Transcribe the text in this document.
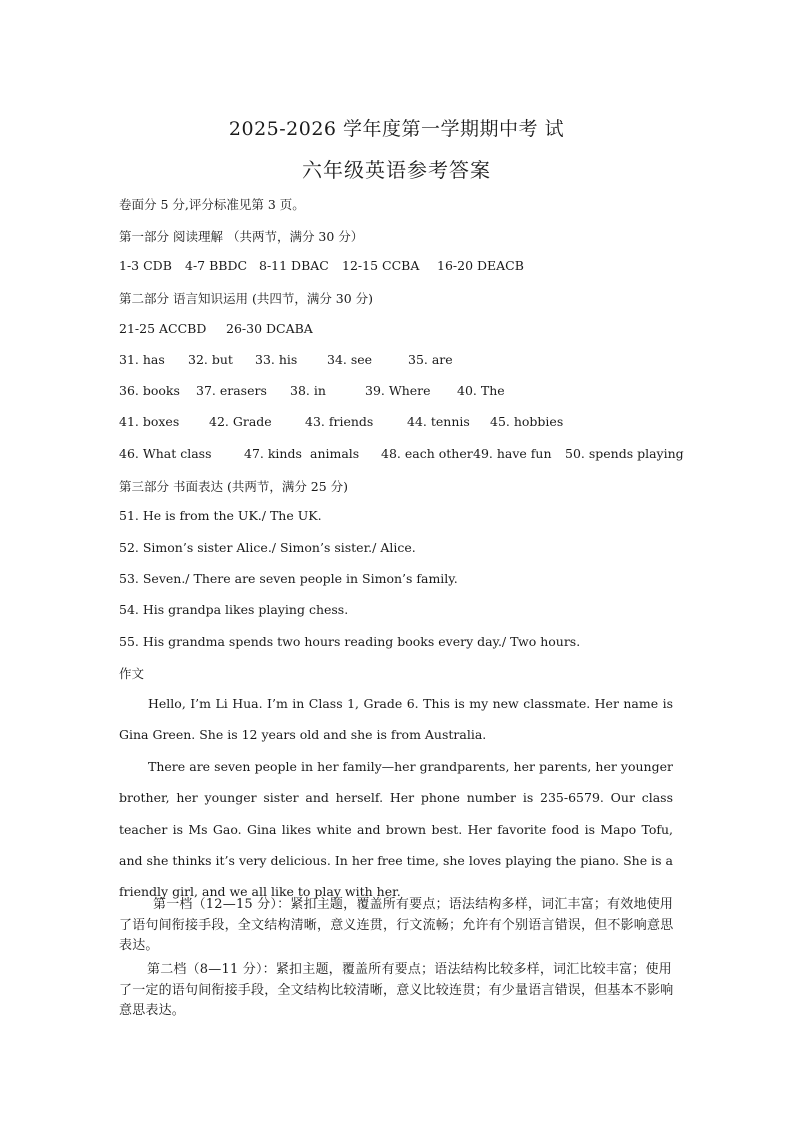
2025-2026 学年度第一学期期中考 试
六年级英语参考答案
卷面分 5 分,评分标准见第 3 页。
第一部分 阅读理解 （共两节，满分 30 分）
1-3 CDB 4-7 BBDC 8-11 DBAC 12-15 CCBA 16-20 DEACB
第二部分 语言知识运用 (共四节，满分 30 分)
21-25 ACCBD 26-30 DCABA
31. has 32. but 33. his 34. see	35. are
36. books 37. erasers 38. in	39. Where 40. The
41. boxes 42. Grade	43. friends	44. tennis 45. hobbies
46. What class	47. kinds animals 48. each other 49. have fun 50. spends playing
第三部分 书面表达 (共两节，满分 25 分)
51. He is from the UK./ The UK.
52. Simon’s sister Alice./ Simon’s sister./ Alice.
53. Seven./ There are seven people in Simon’s family.
54. His grandpa likes playing chess.
55. His grandma spends two hours reading books every day./ Two hours.
作文
Hello, I’m Li Hua. I’m in Class 1, Grade 6. This is my new classmate. Her name is Gina Green. She is 12 years old and she is from Australia.
There are seven people in her family—her grandparents, her parents, her younger brother, her younger sister and herself. Her phone number is 235-6579. Our class teacher is Ms Gao. Gina likes white and brown best. Her favorite food is Mapo Tofu, and she thinks it’s very delicious. In her free time, she loves playing the piano. She is a friendly girl, and we all like to play with her.
第一档（12—15 分）：紧扣主题，覆盖所有要点；语法结构多样，词汇丰富；有效地使用了语句间衔接手段，全文结构清晰，意义连贯，行文流畅；允许有个别语言错误，但不影响意思表达。
第二档（8—11 分）：紧扣主题，覆盖所有要点；语法结构比较多样，词汇比较丰富；使用了一定的语句间衔接手段，全文结构比较清晰，意义比较连贯；有少量语言错误，但基本不影响意思表达。
